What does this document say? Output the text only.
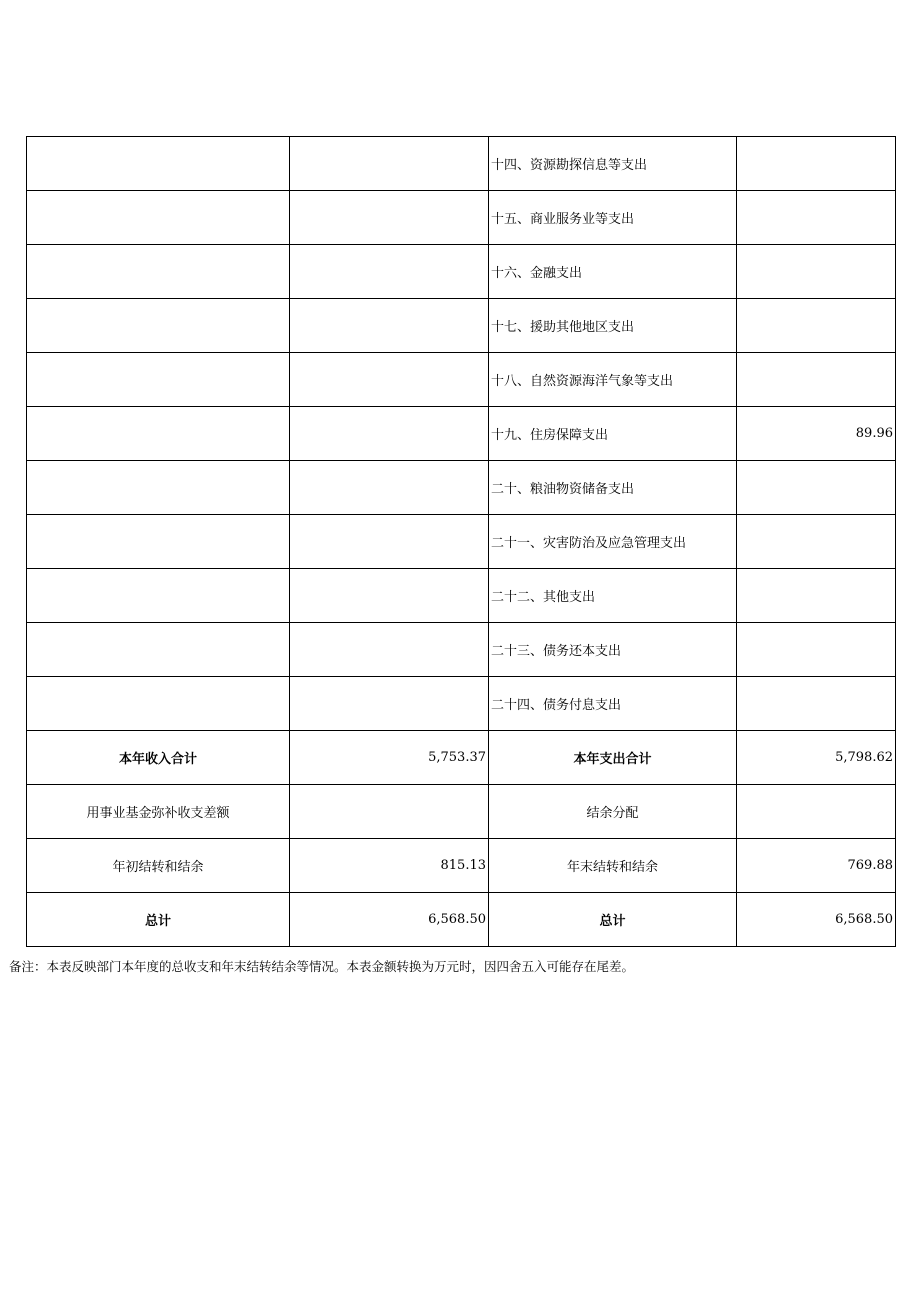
		十四、资源勘探信息等支出	
		十五、商业服务业等支出	
		十六、金融支出	
		十七、援助其他地区支出	
		十八、自然资源海洋气象等支出	
		十九、住房保障支出	89.96
		二十、粮油物资储备支出	
		二十一、灾害防治及应急管理支出	
		二十二、其他支出	
		二十三、债务还本支出	
		二十四、债务付息支出	
本年收入合计	5,753.37	本年支出合计	5,798.62
用事业基金弥补收支差额		结余分配	
年初结转和结余	815.13	年末结转和结余	769.88
总计	6,568.50	总计	6,568.50
备注：本表反映部门本年度的总收支和年末结转结余等情况。本表金额转换为万元时，因四舍五入可能存在尾差。
